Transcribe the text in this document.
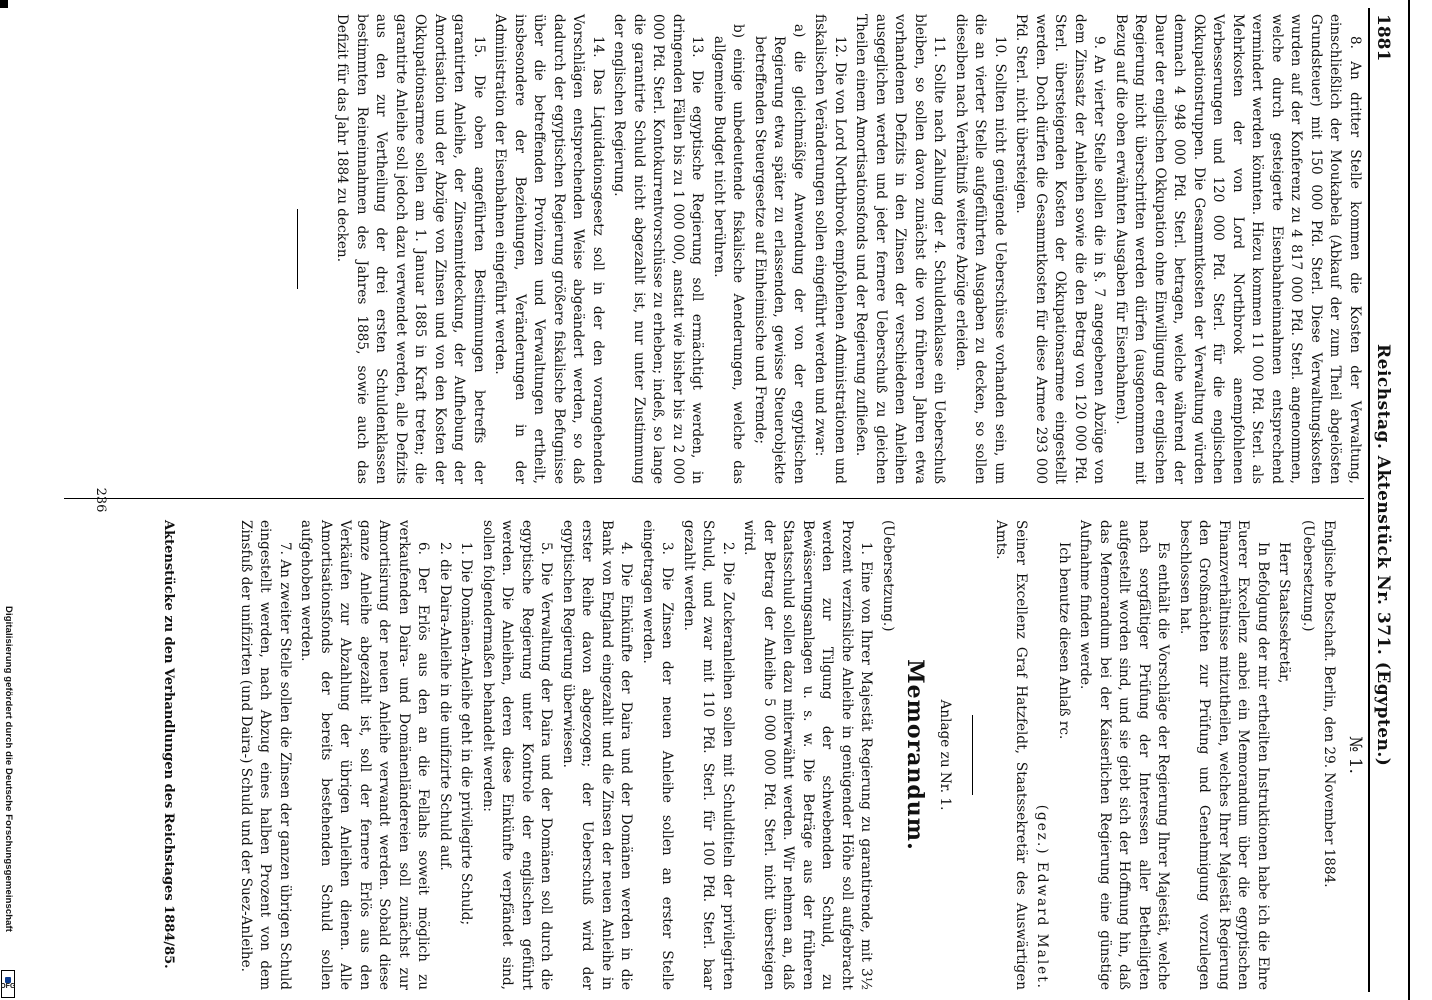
Digitalisierung gefördert durch die Deutsche Forschungsgemeinschaft
DFG
1881
Reichstag. Aktenstück Nr. 371. (Egypten.)

8. An dritter Stelle kommen die Kosten der Verwaltung, einschließlich der Moukabela (Abkauf der zum Theil abgelösten Grundsteuer) mit 150 000 Pfd. Sterl. Diese Verwaltungskosten wurden auf der Konferenz zu 4 817 000 Pfd. Sterl. angenommen, welche durch gesteigerte Eisenbahneinnahmen entsprechend vermindert werden könnten. Hiezu kommen 11 000 Pfd. Sterl. als Mehrkosten der von Lord Northbrook anempfohlenen Verbesserungen und 120 000 Pfd. Sterl. für die englischen Okkupationstruppen. Die Gesammtkosten der Verwaltung würden demnach 4 948 000 Pfd. Sterl. betragen, welche während der Dauer der englischen Okkupation ohne Einwilligung der englischen Regierung nicht überschritten werden dürfen (ausgenommen mit Bezug auf die oben erwähnten Ausgaben für Eisenbahnen).

9. An vierter Stelle sollen die in §. 7 angegebenen Abzüge von dem Zinssatz der Anleihen sowie die den Betrag von 120 000 Pfd. Sterl. übersteigenden Kosten der Okkupationsarmee eingestellt werden. Doch dürfen die Gesammtkosten für diese Armee 293 000 Pfd. Sterl. nicht übersteigen.

10. Sollten nicht genügende Ueberschüsse vorhanden sein, um die an vierter Stelle aufgeführten Ausgaben zu decken, so sollen dieselben nach Verhältniß weitere Abzüge erleiden.

11. Sollte nach Zahlung der 4. Schuldenklasse ein Ueberschuß bleiben, so sollen davon zunächst die von früheren Jahren etwa vorhandenen Defizits in den Zinsen der verschiedenen Anleihen ausgeglichen werden und jeder fernere Ueberschuß zu gleichen Theilen einem Amortisationsfonds und der Regierung zufließen.

12. Die von Lord Northbrook empfohlenen Administrationen und fiskalischen Veränderungen sollen eingeführt werden und zwar:

a) die gleichmäßige Anwendung der von der egyptischen Regierung etwa später zu erlassenden, gewisse Steuerobjekte betreffenden Steuergesetze auf Einheimische und Fremde;

b) einige unbedeutende fiskalische Aenderungen, welche das allgemeine Budget nicht berühren.

13. Die egyptische Regierung soll ermächtigt werden, in dringenden Fällen bis zu 1 000 000, anstatt wie bisher bis zu 2 000 000 Pfd. Sterl. Kontokurrentvorschüsse zu erheben; indeß, so lange die garantirte Schuld nicht abgezahlt ist, nur unter Zustimmung der englischen Regierung.

14. Das Liquidationsgesetz soll in der den vorangehenden Vorschlägen entsprechenden Weise abgeändert werden, so daß dadurch der egyptischen Regierung größere fiskalische Befugnisse über die betreffenden Provinzen und Verwaltungen ertheilt, insbesondere der Beziehungen, Veränderungen in der Administration der Eisenbahnen eingeführt werden.

15. Die oben angeführten Bestimmungen betreffs der garantirten Anleihe, der Zinsenmitdeckung, der Aufhebung der Amortisation und der Abzüge von Zinsen und von den Kosten der Okkupationsarmee sollen am 1. Januar 1885 in Kraft treten; die garantirte Anleihe soll jedoch dazu verwendet werden, alle Defizits aus den zur Vertheilung der drei ersten Schuldenklassen bestimmten Reineinnahmen des Jahres 1885, sowie auch das Defizit für das Jahr 1884 zu decken.

№ 1.

Englische Botschaft. Berlin, den 29. November 1884.

(Uebersetzung.)

Herr Staatssekretär,

In Befolgung der mir ertheilten Instruktionen habe ich die Ehre Euerer Excellenz anbei ein Memorandum über die egyptischen Finanzverhältnisse mitzutheilen, welches Ihrer Majestät Regierung den Großmächten zur Prüfung und Genehmigung vorzulegen beschlossen hat.

Es enthält die Vorschläge der Regierung Ihrer Majestät, welche nach sorgfältiger Prüfung der Interessen aller Betheiligten aufgestellt worden sind, und sie giebt sich der Hoffnung hin, daß das Memorandum bei der Kaiserlichen Regierung eine günstige Aufnahme finden werde.

Ich benutze diesen Anlaß rc.

(gez.) Edward Malet.

Seiner Excellenz Graf Hatzfeldt, Staatssekretär des Auswärtigen Amts.

Anlage zu Nr. 1.

Memorandum.

(Uebersetzung.)

1. Eine von Ihrer Majestät Regierung zu garantirende, mit 3½ Prozent verzinsliche Anleihe in genügender Höhe soll aufgebracht werden zur Tilgung der schwebenden Schuld, zu Bewässerungsanlagen u. s. w. Die Beträge aus der früheren Staatsschuld sollen dazu miterwähnt werden. Wir nehmen an, daß der Betrag der Anleihe 5 000 000 Pfd. Sterl. nicht übersteigen wird.

2. Die Zuckeranleihen sollen mit Schuldtiteln der privilegirten Schuld, und zwar mit 110 Pfd. Sterl. für 100 Pfd. Sterl. baar gezahlt werden.

3. Die Zinsen der neuen Anleihe sollen an erster Stelle eingetragen werden.

4. Die Einkünfte der Daira und der Domänen werden in die Bank von England eingezahlt und die Zinsen der neuen Anleihe in erster Reihe davon abgezogen; der Ueberschuß wird der egyptischen Regierung überwiesen.

5. Die Verwaltung der Daira und der Domänen soll durch die egyptische Regierung unter Kontrole der englischen geführt werden. Die Anleihen, deren diese Einkünfte verpfändet sind, sollen folgendermaßen behandelt werden:

1. Die Domänen-Anleihe geht in die privilegirte Schuld;

2. die Daira-Anleihe in die unifizirte Schuld auf.

6. Der Erlös aus den an die Fellahs soweit möglich zu verkaufenden Daira- und Domänenländereien soll zunächst zur Amortisirung der neuen Anleihe verwandt werden. Sobald diese ganze Anleihe abgezahlt ist, soll der fernere Erlös aus den Verkäufen zur Abzahlung der übrigen Anleihen dienen. Alle Amortisationsfonds der bereits bestehenden Schuld sollen aufgehoben werden.

7. An zweiter Stelle sollen die Zinsen der ganzen übrigen Schuld eingestellt werden, nach Abzug eines halben Prozent von dem Zinsfuß der unifizirten (und Daira-) Schuld und der Suez-Anleihe.

Aktenstücke zu den Verhandlungen des Reichstages 1884/85.
236
